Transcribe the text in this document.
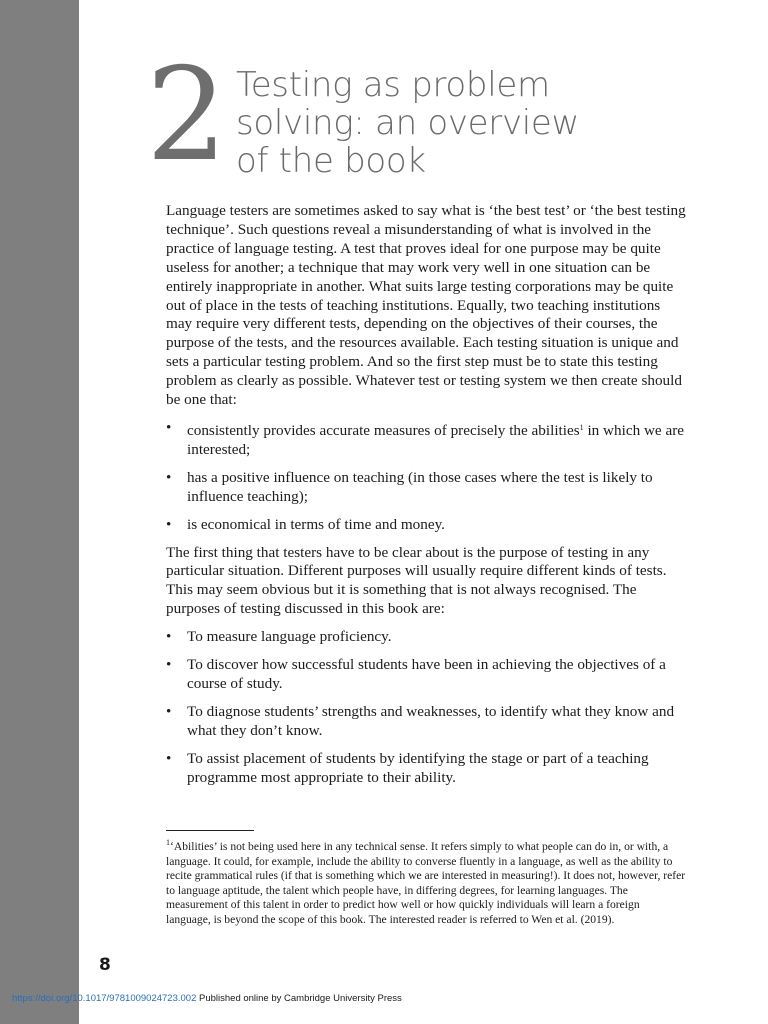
2 Testing as problem
solving: an overview
of the book

Language testers are sometimes asked to say what is ‘the best test’ or ‘the best testing technique’. Such questions reveal a misunderstanding of what is involved in the practice of language testing. A test that proves ideal for one purpose may be quite useless for another; a technique that may work very well in one situation can be entirely inappropriate in another. What suits large testing corporations may be quite out of place in the tests of teaching institutions. Equally, two teaching institutions may require very different tests, depending on the objectives of their courses, the purpose of the tests, and the resources available. Each testing situation is unique and sets a particular testing problem. And so the first step must be to state this testing problem as clearly as possible. Whatever test or testing system we then create should be one that:

• consistently provides accurate measures of precisely the abilities$^1$ in which we are interested;
• has a positive influence on teaching (in those cases where the test is likely to influence teaching);
• is economical in terms of time and money.

The first thing that testers have to be clear about is the purpose of testing in any particular situation. Different purposes will usually require different kinds of tests. This may seem obvious but it is something that is not always recognised. The purposes of testing discussed in this book are:

• To measure language proficiency.
• To discover how successful students have been in achieving the objectives of a course of study.
• To diagnose students’ strengths and weaknesses, to identify what they know and what they don’t know.
• To assist placement of students by identifying the stage or part of a teaching programme most appropriate to their ability.
$^1$‘Abilities’ is not being used here in any technical sense. It refers simply to what people can do in, or with, a language. It could, for example, include the ability to converse fluently in a language, as well as the ability to recite grammatical rules (if that is something which we are interested in measuring!). It does not, however, refer to language aptitude, the talent which people have, in differing degrees, for learning languages. The measurement of this talent in order to predict how well or how quickly individuals will learn a foreign language, is beyond the scope of this book. The interested reader is referred to Wen et al. (2019).
8
https://doi.org/10.1017/9781009024723.002 Published online by Cambridge University Press
